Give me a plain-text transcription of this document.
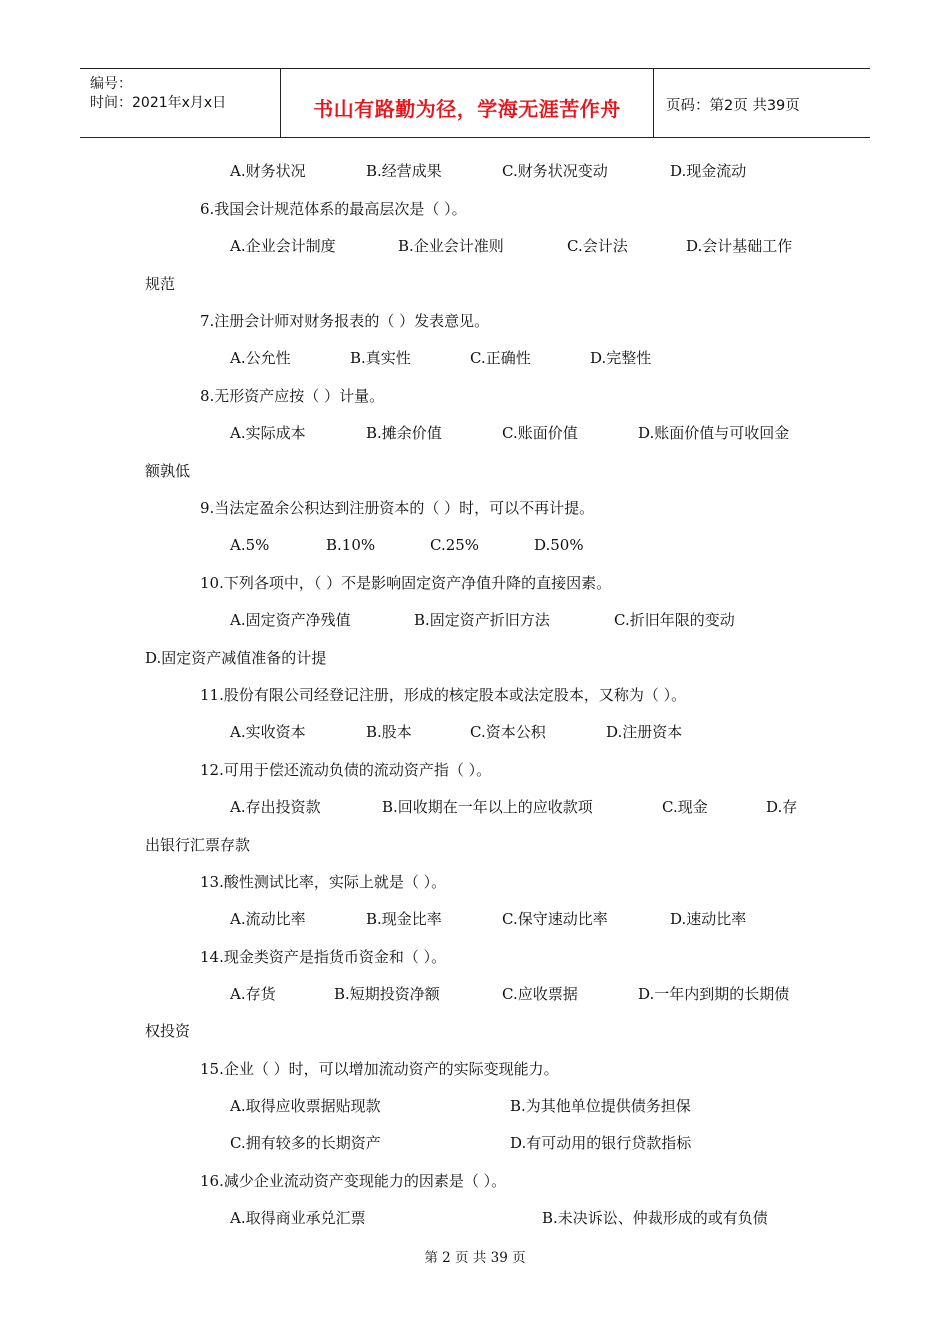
编号：
时间：2021年x月x日	书山有路勤为径，学海无涯苦作舟	页码：第2页 共39页
A.财务状况	B.经营成果	C.财务状况变动	D.现金流动
6.我国会计规范体系的最高层次是（ ）。
A.企业会计制度	B.企业会计准则	C.会计法	D.会计基础工作
规范
7.注册会计师对财务报表的（ ）发表意见。
A.公允性	B.真实性	C.正确性	D.完整性
8.无形资产应按（ ）计量。
A.实际成本	B.摊余价值	C.账面价值	D.账面价值与可收回金
额孰低
9.当法定盈余公积达到注册资本的（ ）时，可以不再计提。
A.5%	B.10%	C.25%	D.50%
10.下列各项中，（ ）不是影响固定资产净值升降的直接因素。
A.固定资产净残值	B.固定资产折旧方法	C.折旧年限的变动
D.固定资产减值准备的计提
11.股份有限公司经登记注册，形成的核定股本或法定股本，又称为（ ）。
A.实收资本	B.股本	C.资本公积	D.注册资本
12.可用于偿还流动负债的流动资产指（ ）。
A.存出投资款	B.回收期在一年以上的应收款项	C.现金	D.存
出银行汇票存款
13.酸性测试比率，实际上就是（ ）。
A.流动比率	B.现金比率	C.保守速动比率	D.速动比率
14.现金类资产是指货币资金和（ ）。
A.存货	B.短期投资净额	C.应收票据	D.一年内到期的长期债
权投资
15.企业（ ）时，可以增加流动资产的实际变现能力。
A.取得应收票据贴现款	B.为其他单位提供债务担保
C.拥有较多的长期资产	D.有可动用的银行贷款指标
16.减少企业流动资产变现能力的因素是（ ）。
A.取得商业承兑汇票	B.未决诉讼、仲裁形成的或有负债
第 2 页 共 39 页
